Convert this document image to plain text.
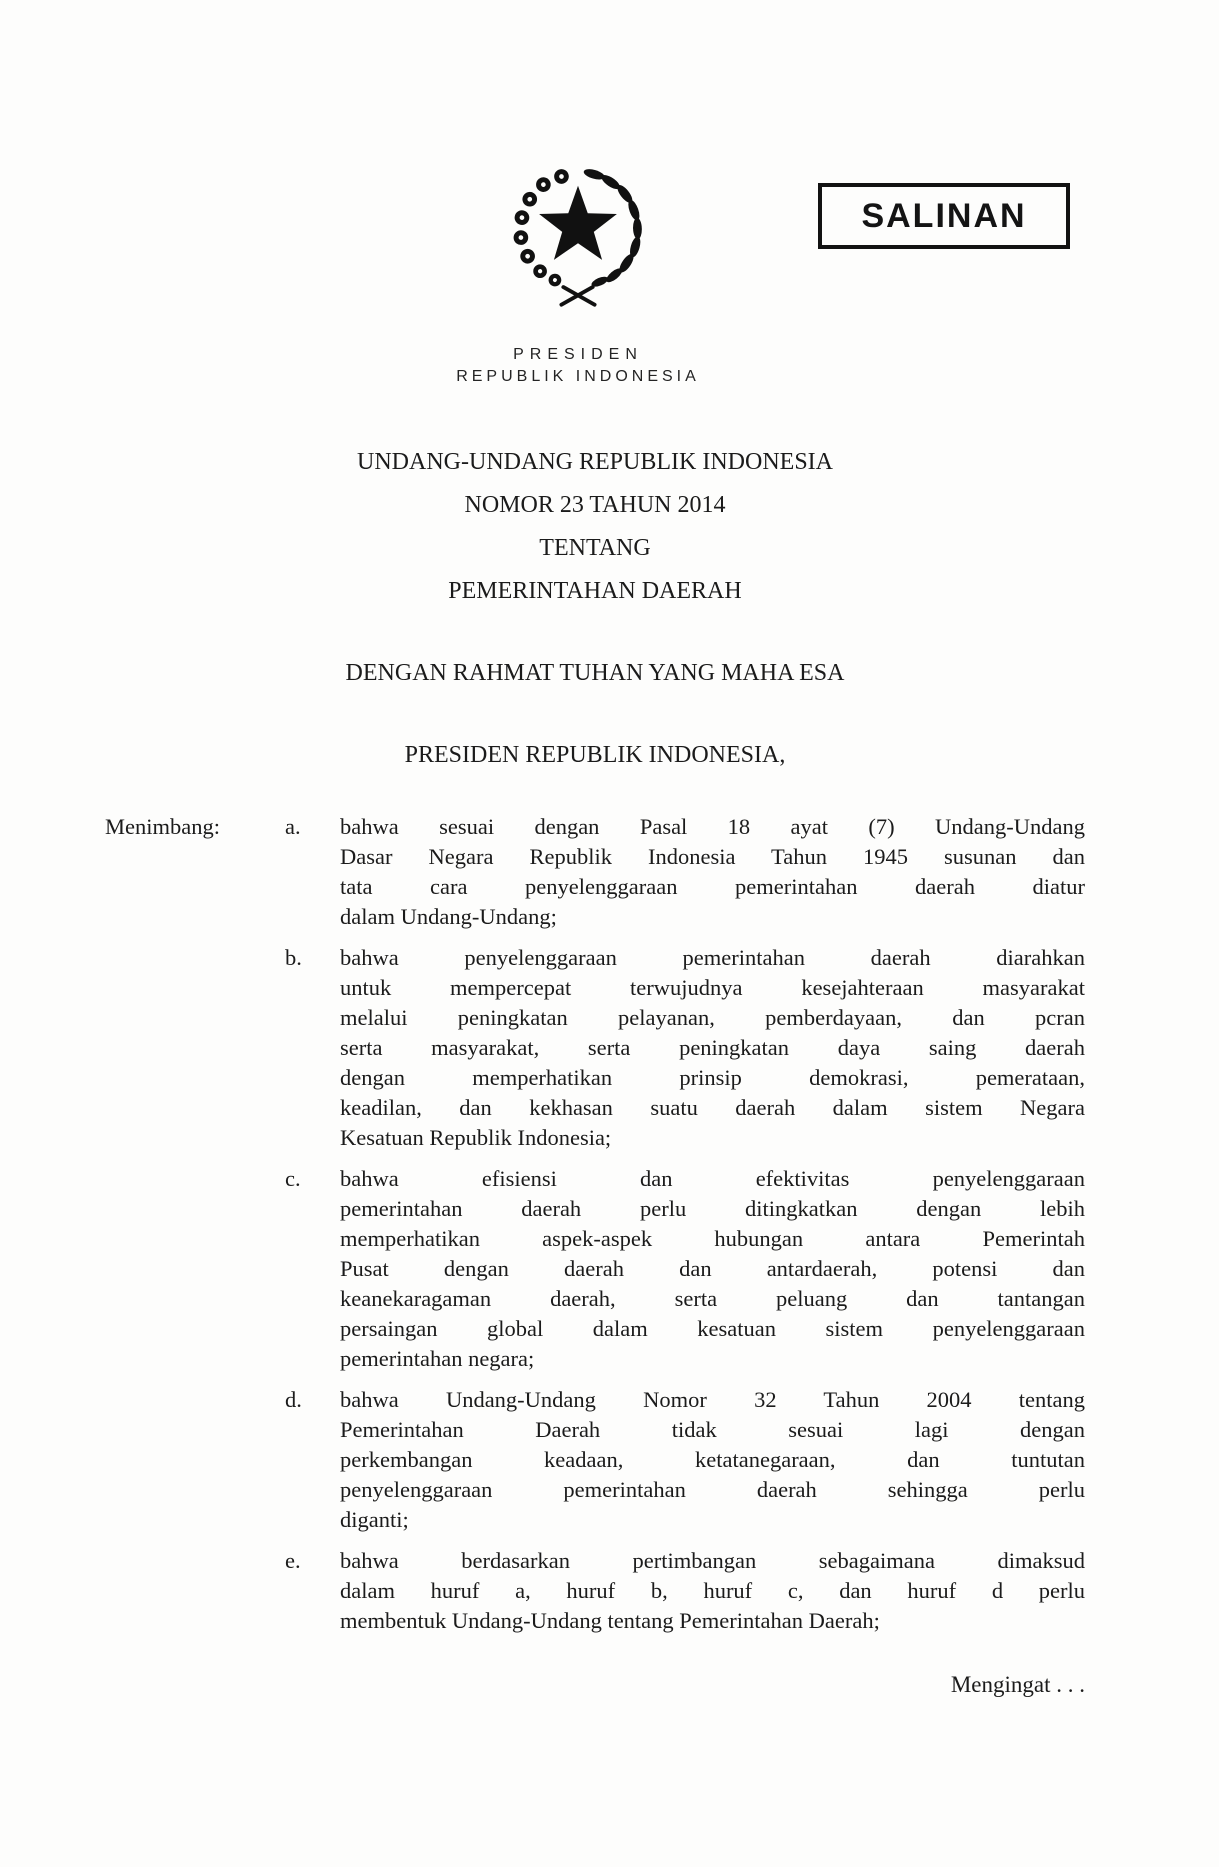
SALINAN
PRESIDEN
REPUBLIK INDONESIA
UNDANG-UNDANG REPUBLIK INDONESIA
NOMOR 23 TAHUN 2014
TENTANG
PEMERINTAHAN DAERAH
DENGAN RAHMAT TUHAN YANG MAHA ESA
PRESIDEN REPUBLIK INDONESIA,
Menimbang:	a.	bahwa sesuai dengan Pasal 18 ayat (7) Undang-Undang
Dasar Negara Republik Indonesia Tahun 1945 susunan dan
tata cara penyelenggaraan pemerintahan daerah diatur
dalam Undang-Undang;
b.	bahwa penyelenggaraan pemerintahan daerah diarahkan
untuk mempercepat terwujudnya kesejahteraan masyarakat
melalui peningkatan pelayanan, pemberdayaan, dan pcran
serta masyarakat, serta peningkatan daya saing daerah
dengan memperhatikan prinsip demokrasi, pemerataan,
keadilan, dan kekhasan suatu daerah dalam sistem Negara
Kesatuan Republik Indonesia;
c.	bahwa efisiensi dan efektivitas penyelenggaraan
pemerintahan daerah perlu ditingkatkan dengan lebih
memperhatikan aspek-aspek hubungan antara Pemerintah
Pusat dengan daerah dan antardaerah, potensi dan
keanekaragaman daerah, serta peluang dan tantangan
persaingan global dalam kesatuan sistem penyelenggaraan
pemerintahan negara;
d.	bahwa Undang-Undang Nomor 32 Tahun 2004 tentang
Pemerintahan Daerah tidak sesuai lagi dengan
perkembangan keadaan, ketatanegaraan, dan tuntutan
penyelenggaraan pemerintahan daerah sehingga perlu
diganti;
e.	bahwa berdasarkan pertimbangan sebagaimana dimaksud
dalam huruf a, huruf b, huruf c, dan huruf d perlu
membentuk Undang-Undang tentang Pemerintahan Daerah;
Mengingat . . .
